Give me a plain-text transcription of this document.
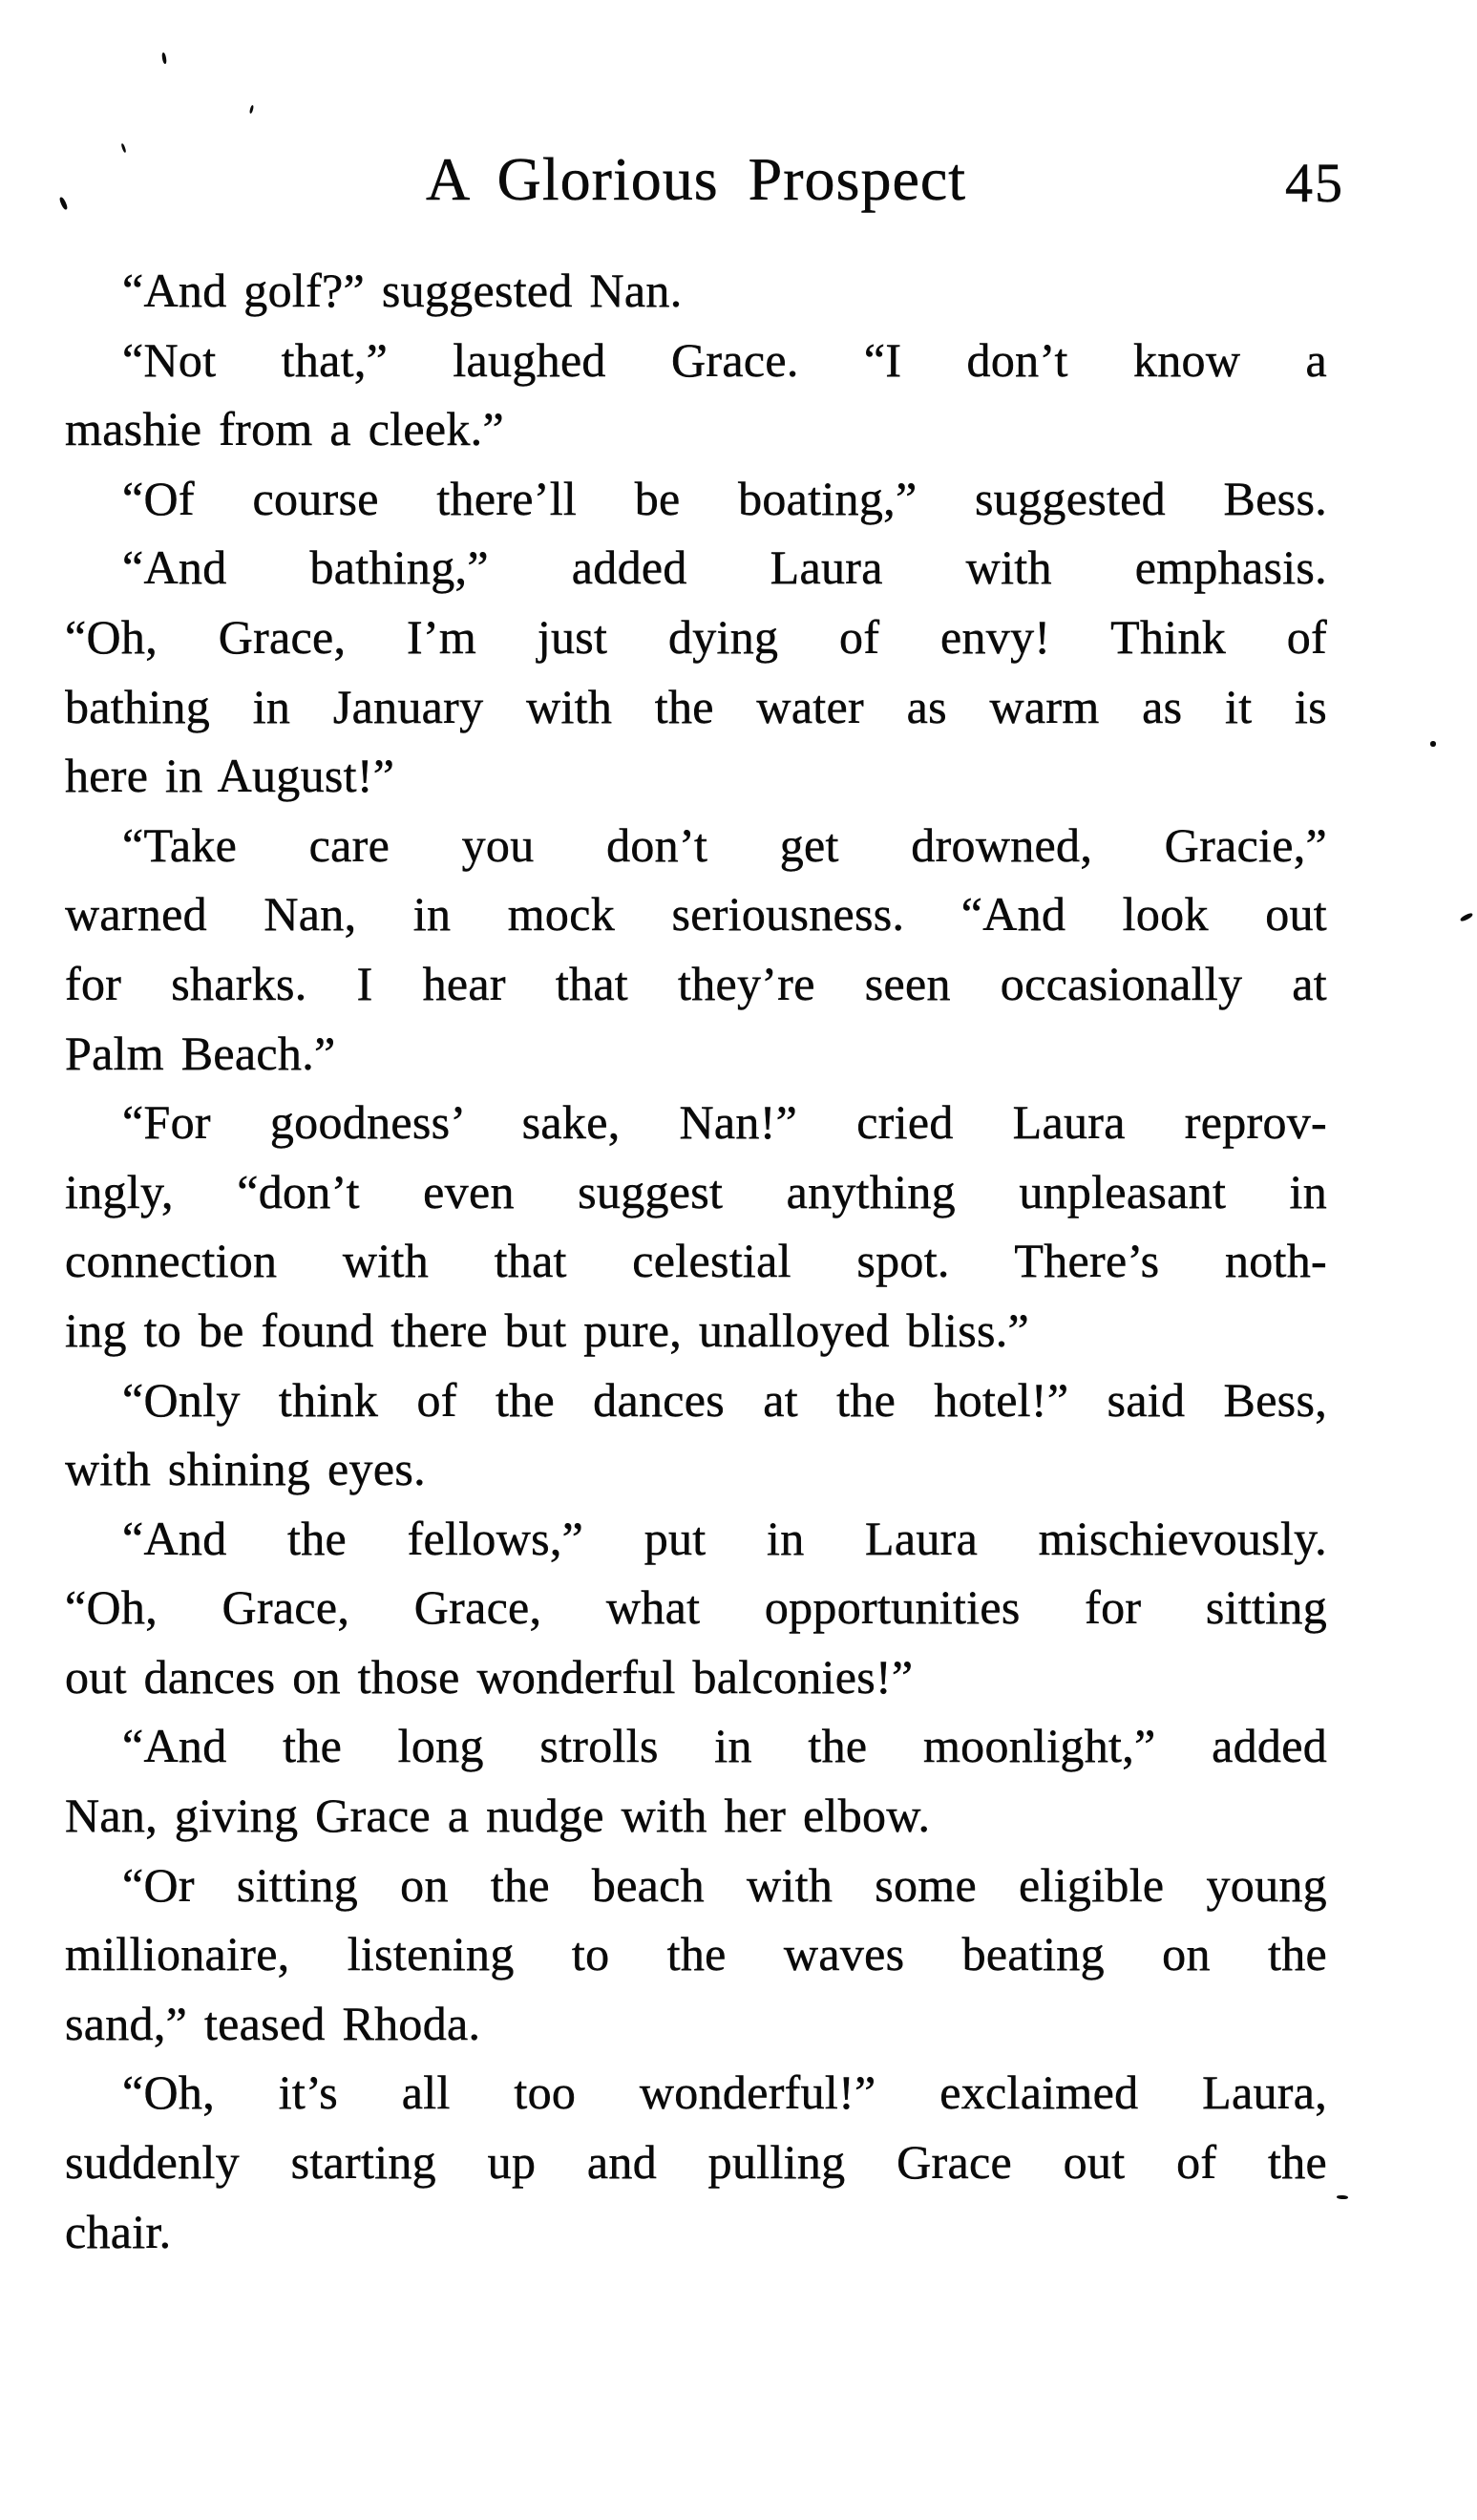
A Glorious Prospect	45

“And golf?” suggested Nan.

“Not that,” laughed Grace. “I don’t know a
mashie from a cleek.”

“Of course there’ll be boating,” suggested Bess.

“And bathing,” added Laura with emphasis.
“Oh, Grace, I’m just dying of envy! Think of
bathing in January with the water as warm as it is
here in August!”

“Take care you don’t get drowned, Gracie,”
warned Nan, in mock seriousness. “And look out
for sharks. I hear that they’re seen occasionally at
Palm Beach.”

“For goodness’ sake, Nan!” cried Laura reprov-
ingly, “don’t even suggest anything unpleasant in
connection with that celestial spot. There’s noth-
ing to be found there but pure, unalloyed bliss.”

“Only think of the dances at the hotel!” said Bess,
with shining eyes.

“And the fellows,” put in Laura mischievously.
“Oh, Grace, Grace, what opportunities for sitting
out dances on those wonderful balconies!”

“And the long strolls in the moonlight,” added
Nan, giving Grace a nudge with her elbow.

“Or sitting on the beach with some eligible young
millionaire, listening to the waves beating on the
sand,” teased Rhoda.

“Oh, it’s all too wonderful!” exclaimed Laura,
suddenly starting up and pulling Grace out of the
chair.
